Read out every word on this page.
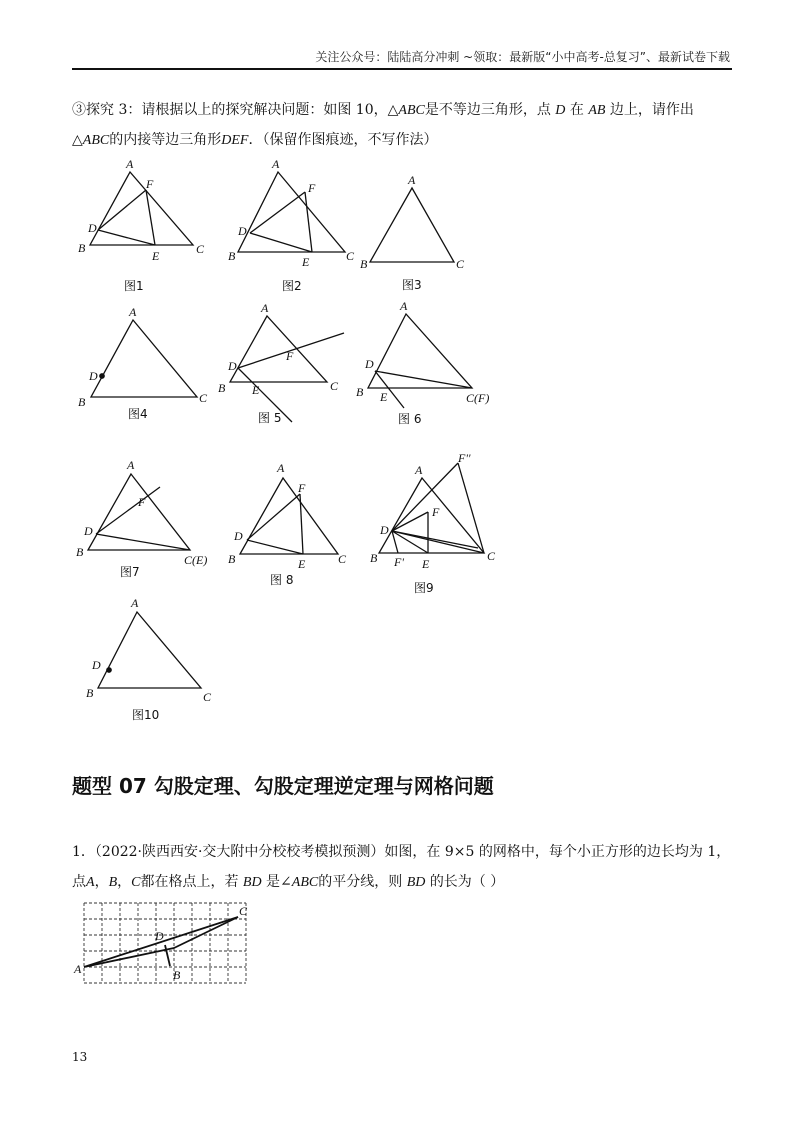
关注公众号：陆陆高分冲刺 ~领取：最新版“小中高考-总复习”、最新试卷下载
③探究 3：请根据以上的探究解决问题：如图 10，△ABC是不等边三角形，点 D 在 AB 边上，请作出
△ABC的内接等边三角形DEF．（保留作图痕迹，不写作法）
A
F
D
B
E	C
图1
A
F
D
B	E	C
图2
A
B	C
图3
A
D
B	C
图4
A
F
D
B E	C
图 5
A
D
B E	C(F)
图 6
A
F
D
B
C(E)
图7
A
F
D
B	E	C
图 8
A
F''
F
D
B F' E
C
图9
A
D
B	C
图10
A	B
C
D
题型 07 勾股定理、勾股定理逆定理与网格问题
1．（2022·陕西西安·交大附中分校校考模拟预测）如图，在 9×5 的网格中，每个小正方形的边长均为 1，
点A，B，C都在格点上，若 BD 是∠ABC的平分线，则 BD 的长为（ ）
13
